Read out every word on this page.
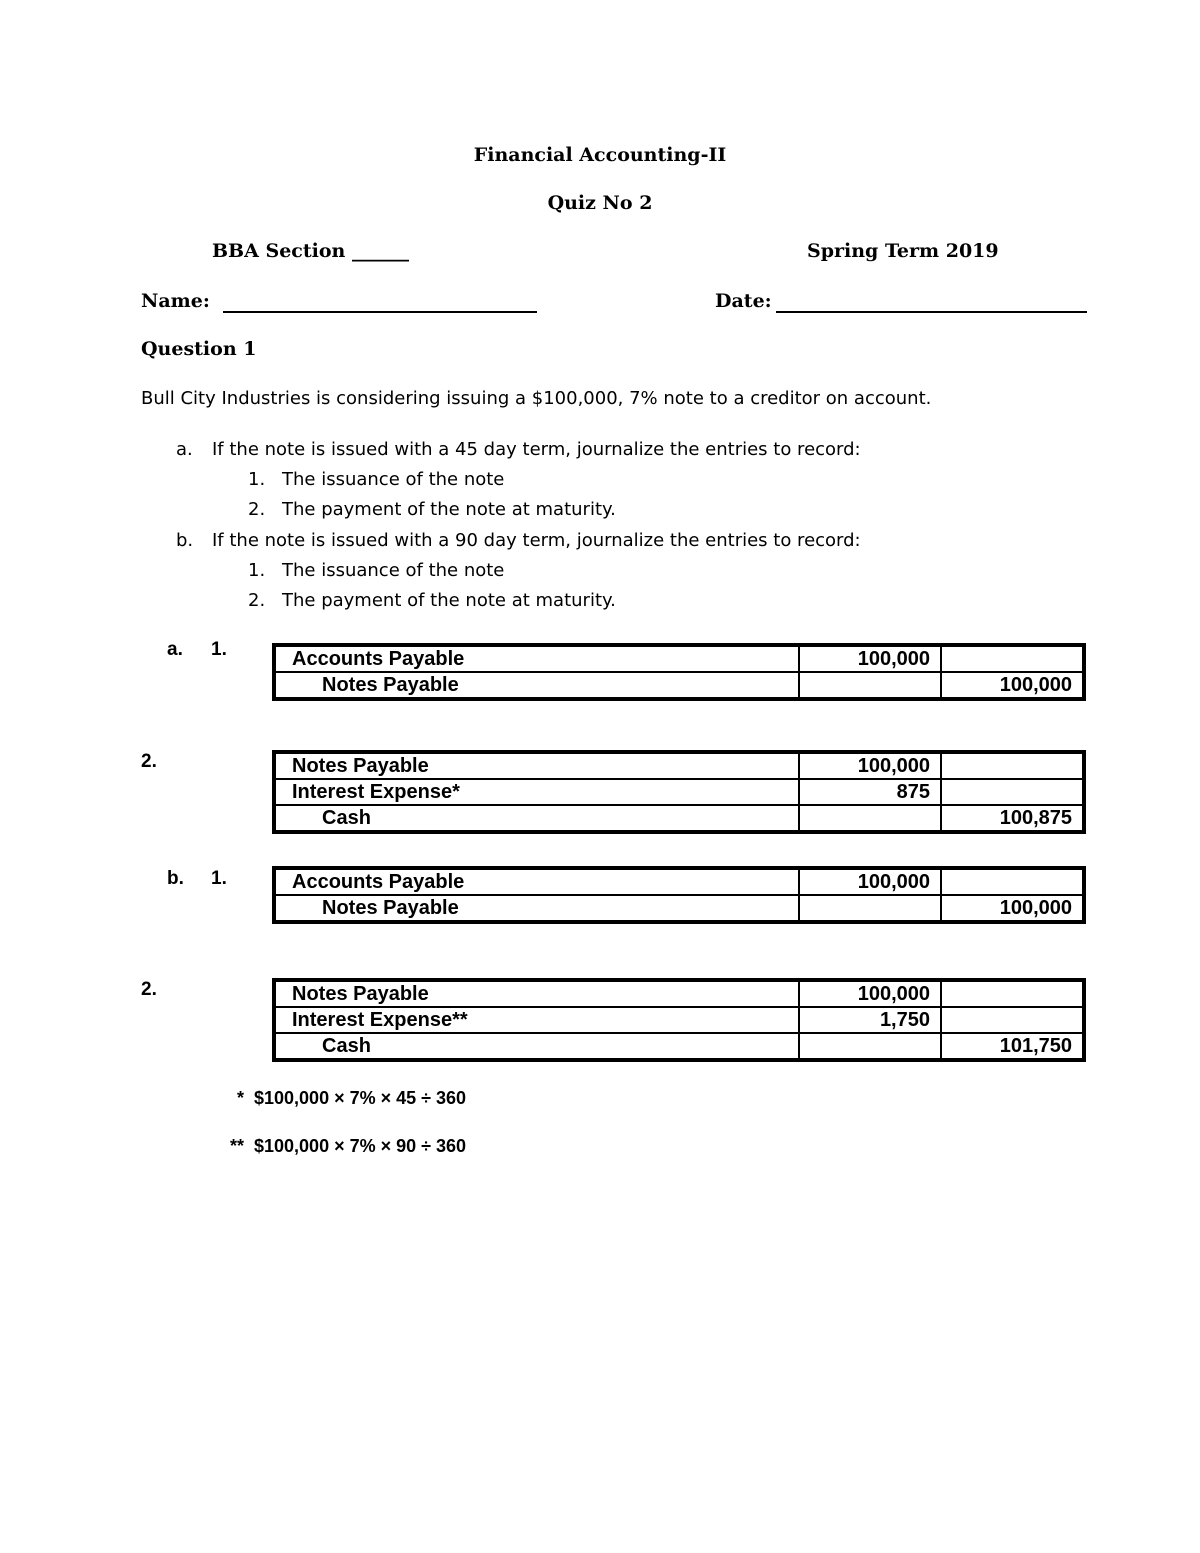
Financial Accounting-II
Quiz No 2
BBA Section ______	Spring Term 2019
Name:	Date:
Question 1
Bull City Industries is considering issuing a $100,000, 7% note to a creditor on account.
a. If the note is issued with a 45 day term, journalize the entries to record:
1. The issuance of the note
2. The payment of the note at maturity.
b. If the note is issued with a 90 day term, journalize the entries to record:
1. The issuance of the note
2. The payment of the note at maturity.
a. 1.	Accounts Payable	100,000	
Notes Payable		100,000
2.	Notes Payable	100,000	
Interest Expense*	875	
Cash		100,875
b. 1.	Accounts Payable	100,000	
Notes Payable		100,000
2.	Notes Payable	100,000	
Interest Expense**	1,750	
Cash		101,750
* $100,000 × 7% × 45 ÷ 360
** $100,000 × 7% × 90 ÷ 360
